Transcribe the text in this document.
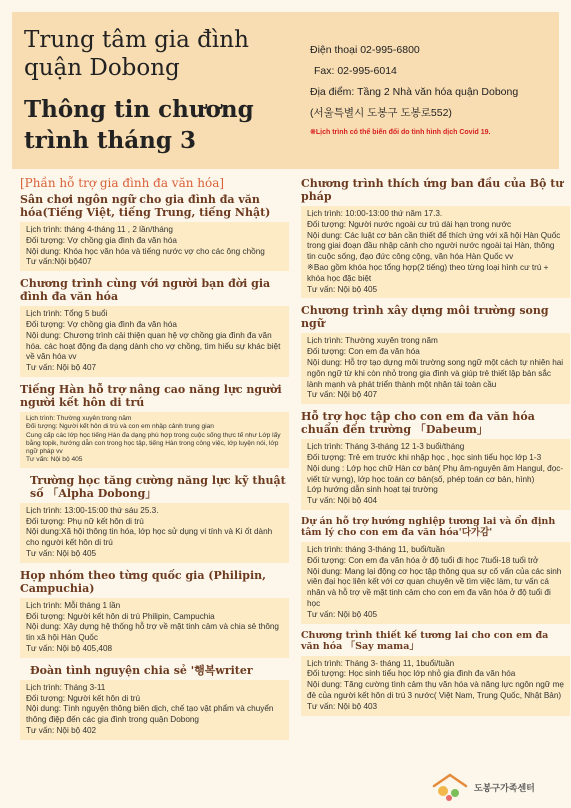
Trung tâm gia đình quận Dobong
Thông tin chương trình tháng 3
Điện thoại 02-995-6800
Fax: 02-995-6014
Địa điểm: Tầng 2 Nhà văn hóa quận Dobong
(서울특별시 도봉구 도봉로552)
※Lịch trình có thể biến đổi do tình hình dịch Covid 19.
[Phần hỗ trợ gia đình đa văn hóa]
Sân chơi ngôn ngữ cho gia đình đa văn hóa(Tiếng Việt, tiếng Trung, tiếng Nhật)
Lịch trình: tháng 4-tháng 11 , 2 lần/tháng
Đối tượng: Vợ chồng gia đình đa văn hóa
Nội dung: Khóa học văn hóa và tiếng nước vợ cho các ông chồng
Tư vấn:Nội bộ407
Chương trình cùng với người bạn đời gia đình đa văn hóa
Lịch trình: Tổng 5 buổi
Đối tượng: Vợ chồng gia đình đa văn hóa
Nội dung: Chương trình cải thiện quan hệ vợ chồng gia đình đa văn hóa. các hoạt động đa dạng dành cho vợ chồng, tìm hiểu sự khác biệt về văn hóa vv
Tư vấn: Nội bộ 407
Tiếng Hàn hỗ trợ nâng cao năng lực người người kết hôn di trú
Lịch trình: Thường xuyên trong năm
Đối tượng: Người kết hôn di trú và con em nhập cảnh trung gian
Cung cấp các lớp học tiếng Hàn đa dạng phù hợp trong cuộc sống thực tế như Lớp lấy bằng topik, hướng dẫn con trong học tập, tiếng Hàn trong công việc, lớp luyện nói, lớp ngữ pháp vv
Tư vấn: Nội bộ 405
Trường học tăng cường năng lực kỹ thuật số 「Alpha Dobong」
Lịch trình: 13:00-15:00 thứ sáu 25.3.
Đối tượng: Phụ nữ kết hôn di trú
Nội dung:Xã hội thông tin hóa, lớp học sử dụng vi tính và Ki ốt dành cho người kết hôn di trú
Tư vấn: Nội bộ 405
Họp nhóm theo từng quốc gia (Philipin, Campuchia)
Lịch trình: Mỗi tháng 1 lần
Đối tượng: Người kết hôn di trú Philipin, Campuchia
Nội dung: Xây dựng hệ thống hỗ trợ về mặt tinh cảm và chia sẻ thông tin xã hội Hàn Quốc
Tư vấn: Nội bộ 405,408
Đoàn tình nguyện chia sẻ '행복writer
Lịch trình: Tháng 3-11
Đối tượng: Người kết hôn di trú
Nội dung: Tình nguyện thông biên dịch, chế tạo vật phẩm và chuyển thông điệp đến các gia đình trong quận Dobong
Tư vấn: Nội bộ 402
Chương trình thích ứng ban đầu của Bộ tư pháp
Lịch trình: 10:00-13:00 thứ năm 17.3.
Đối tượng: Người nước ngoài cư trú dài hạn trong nước
Nội dung: Các luật cơ bản cần thiết để thích ứng với xã hội Hàn Quốc trong giai đoạn đầu nhập cảnh cho người nước ngoài tại Hàn, thông tin cuộc sống, đạo đức công cộng, văn hóa Hàn Quốc vv
※Bao gồm khóa học tổng hợp(2 tiếng) theo từng loại hình cư trú + khóa học đặc biệt
Tư vấn: Nội bộ 405
Chương trình xây dựng môi trường song ngữ
Lịch trình: Thường xuyên trong năm
Đối tượng: Con em đa văn hóa
Nội dung: Hỗ trợ tạo dựng môi trường song ngữ một cách tự nhiên hai ngôn ngữ từ khi còn nhỏ trong gia đình và giúp trẻ thiết lập bản sắc lành mạnh và phát triển thành một nhân tài toàn cầu
Tư vấn: Nội bộ 407
Hỗ trợ học tập cho con em đa văn hóa chuẩn đến trường 「Dabeum」
Lịch trình: Tháng 3-tháng 12 1-3 buổi/tháng
Đối tượng: Trẻ em trước khi nhập học , học sinh tiểu học lớp 1-3
Nội dung : Lớp học chữ Hàn cơ bản( Phụ âm-nguyên âm Hangul, đọc-viết từ vựng), lớp học toán cơ bản(số, phép toán cơ bản, hình)
Lớp hướng dẫn sinh hoạt tại trường
Tư vấn: Nội bộ 404
Dự án hỗ trợ hướng nghiệp tương lai và ổn định tâm lý cho con em đa văn hóa'다가감'
Lịch trình: tháng 3-tháng 11, buổi/tuần
Đối tượng: Con em đa văn hóa ở độ tuổi đi học 7tuổi-18 tuổi trở
Nội dung: Mang lại động cơ học tập thông qua sự cố vấn của các sinh viên đại học liên kết với cơ quan chuyên về tìm việc làm, tư vấn cá nhân và hỗ trợ về mặt tinh cảm cho con em đa văn hóa ở độ tuổi đi học
Tư vấn: Nội bộ 405
Chương trình thiết kế tương lai cho con em đa văn hóa 「Say mama」
Lịch trình: Tháng 3- tháng 11, 1buổi/tuần
Đối tượng: Học sinh tiểu học lớp nhỏ gia đình đa văn hóa
Nội dung: Tăng cường tình cảm thụ văn hóa và năng lực ngôn ngữ mẹ đẻ của người kết hôn di trú 3 nước( Việt Nam, Trung Quốc, Nhật Bản)
Tư vấn: Nội bộ 403
도봉구가족센터
